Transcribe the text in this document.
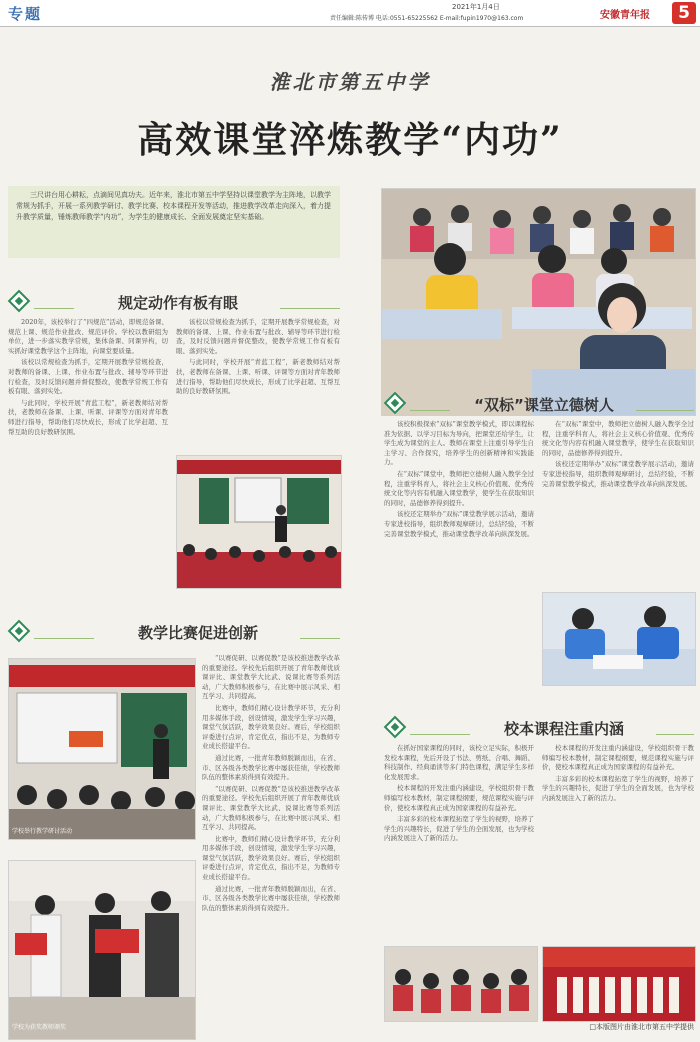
专题	2021年1月4日
责任编辑:陈传博 电话:0551-65225562 E-mail:fupin1970@163.com	安徽青年报	5
淮北市第五中学
高效课堂淬炼教学“内功”

三尺讲台用心耕耘，点滴间见真功夫。近年来，淮北市第五中学坚持以课堂教学为主阵地，以教学常规为抓手，开展一系列教学研讨、教学比赛、校本课程开发等活动，推进教学改革走向深入，着力提升教学质量，锤炼教师教学“内功”，为学生的健康成长、全面发展奠定坚实基础。

规定动作有板有眼

2020年，该校举行了“四规范”活动，即规范备课、规范上课、规范作业批改、规范评价。学校以教研组为单位，进一步落实教学常规，集体备课、同课异构，切实抓好课堂教学这个主阵地，向课堂要质量。

该校以常规检查为抓手，定期开展教学常规检查，对教师的备课、上课、作业布置与批改、辅导等环节进行检查，及时反馈问题并督促整改，使教学常规工作有板有眼、落到实处。

与此同时，学校开展“青蓝工程”，新老教师结对帮扶，老教师在备课、上课、听课、评课等方面对青年教师进行指导，帮助他们尽快成长，形成了比学赶超、互帮互助的良好教研氛围。

该校以常规检查为抓手，定期开展教学常规检查，对教师的备课、上课、作业布置与批改、辅导等环节进行检查，及时反馈问题并督促整改，使教学常规工作有板有眼、落到实处。

与此同时，学校开展“青蓝工程”，新老教师结对帮扶，老教师在备课、上课、听课、评课等方面对青年教师进行指导，帮助他们尽快成长，形成了比学赶超、互帮互助的良好教研氛围。

教学比赛促进创新
学校举行教学研讨活动
学校为获奖教师颁奖

“以赛促研、以赛促教”是该校推进教学改革的重要途径。学校先后组织开展了青年教师优质课评比、课堂教学大比武、说课比赛等系列活动，广大教师积极参与，在比赛中展示风采、相互学习、共同提高。

比赛中，教师们精心设计教学环节，充分利用多媒体手段，创设情境，激发学生学习兴趣，课堂气氛活跃，教学效果良好。赛后，学校组织评委进行点评，肯定优点，指出不足，为教师专业成长搭建平台。

通过比赛，一批青年教师脱颖而出，在省、市、区各级各类教学比赛中屡获佳绩，学校教师队伍的整体素质得到有效提升。

“以赛促研、以赛促教”是该校推进教学改革的重要途径。学校先后组织开展了青年教师优质课评比、课堂教学大比武、说课比赛等系列活动，广大教师积极参与，在比赛中展示风采、相互学习、共同提高。

比赛中，教师们精心设计教学环节，充分利用多媒体手段，创设情境，激发学生学习兴趣，课堂气氛活跃，教学效果良好。赛后，学校组织评委进行点评，肯定优点，指出不足，为教师专业成长搭建平台。

通过比赛，一批青年教师脱颖而出，在省、市、区各级各类教学比赛中屡获佳绩，学校教师队伍的整体素质得到有效提升。

“双标”课堂立德树人

该校积极探索“双标”课堂教学模式，即以课程标准为依据、以学习目标为导向，把课堂还给学生，让学生成为课堂的主人。教师在课堂上注重引导学生自主学习、合作探究，培养学生的创新精神和实践能力。

在“双标”课堂中，教师把立德树人融入教学全过程，注重学科育人，将社会主义核心价值观、优秀传统文化等内容有机融入课堂教学，使学生在获取知识的同时，品德修养得到提升。

该校还定期举办“双标”课堂教学展示活动，邀请专家进校指导，组织教师观摩研讨，总结经验，不断完善课堂教学模式，推动课堂教学改革向纵深发展。

在“双标”课堂中，教师把立德树人融入教学全过程，注重学科育人，将社会主义核心价值观、优秀传统文化等内容有机融入课堂教学，使学生在获取知识的同时，品德修养得到提升。

该校还定期举办“双标”课堂教学展示活动，邀请专家进校指导，组织教师观摩研讨，总结经验，不断完善课堂教学模式，推动课堂教学改革向纵深发展。

校本课程注重内涵

在抓好国家课程的同时，该校立足实际，积极开发校本课程，先后开设了书法、剪纸、合唱、舞蹈、科技制作、经典诵读等多门特色课程，满足学生多样化发展需求。

校本课程的开发注重内涵建设，学校组织骨干教师编写校本教材，制定课程纲要，规范课程实施与评价，使校本课程真正成为国家课程的有益补充。

丰富多彩的校本课程拓宽了学生的视野，培养了学生的兴趣特长，促进了学生的全面发展，也为学校内涵发展注入了新的活力。

校本课程的开发注重内涵建设，学校组织骨干教师编写校本教材，制定课程纲要，规范课程实施与评价，使校本课程真正成为国家课程的有益补充。

丰富多彩的校本课程拓宽了学生的视野，培养了学生的兴趣特长，促进了学生的全面发展，也为学校内涵发展注入了新的活力。

□本版图片由淮北市第五中学提供
